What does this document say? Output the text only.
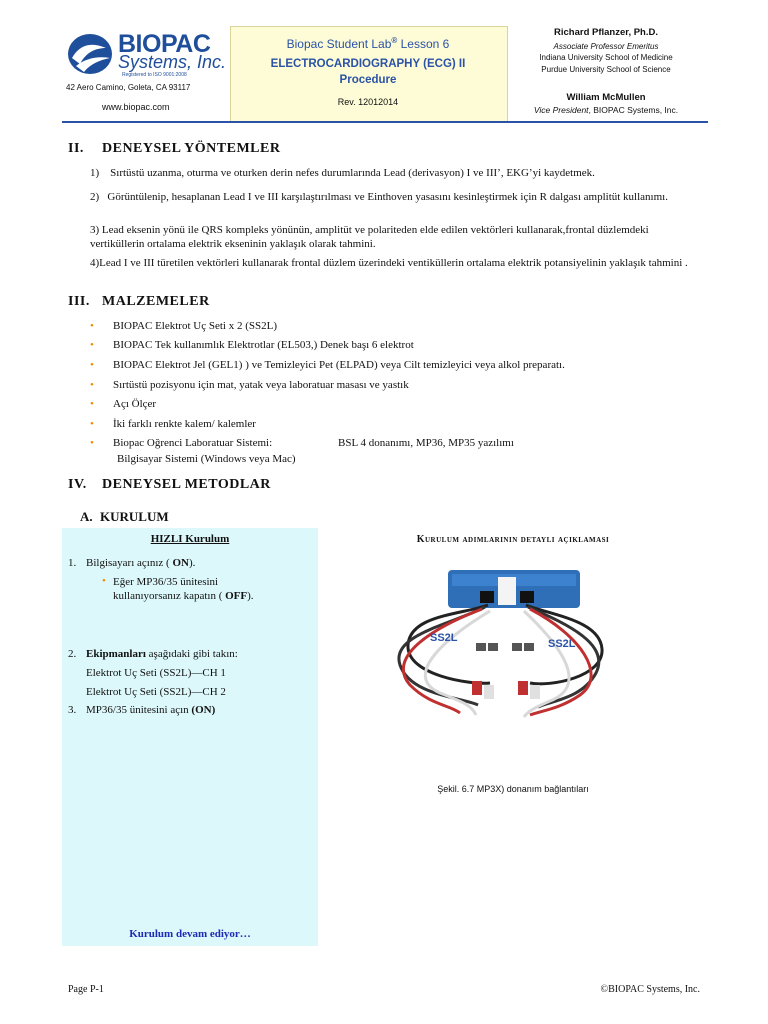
BIOPAC
Systems, Inc.
Registered to ISO 9001:2008
42 Aero Camino, Goleta, CA 93117
www.biopac.com
Biopac Student Lab® Lesson 6
ELECTROCARDIOGRAPHY (ECG) II
Procedure
Rev. 12012014
Richard Pflanzer, Ph.D.
Associate Professor Emeritus
Indiana University School of Medicine
Purdue University School of Science
William McMullen
Vice President, BIOPAC Systems, Inc.
II. DENEYSEL YÖNTEMLER
1)    Sırtüstü uzanma, oturma ve oturken derin nefes durumlarında Lead (derivasyon) I ve III’, EKG’yi kaydetmek.
2)   Görüntülenip, hesaplanan Lead I ve III karşılaştırılması ve Einthoven yasasını kesinleştirmek için R dalgası amplitüt kullanımı.
3) Lead eksenin yönü ile QRS kompleks yönünün, amplitüt ve polariteden elde edilen vektörleri kullanarak,frontal düzlemdeki vertiküllerin ortalama elektrik ekseninin yaklaşık olarak tahmini.
4)Lead I ve III türetilen vektörleri kullanarak frontal düzlem üzerindeki ventiküllerin ortalama elektrik potansiyelinin yaklaşık tahmini .
III. MALZEMELER
• BIOPAC Elektrot Uç Seti x 2 (SS2L)
• BIOPAC Tek kullanımlık Elektrotlar (EL503,) Denek başı 6 elektrot
• BIOPAC Elektrot Jel (GEL1) ) ve Temizleyici Pet (ELPAD) veya Cilt temizleyici veya alkol preparatı.
• Sırtüstü pozisyonu için mat, yatak veya laboratuar masası ve yastık
• Açı Ölçer
• İki farklı renkte kalem/ kalemler
• Biopac Oğrenci Laboratuar Sistemi:	BSL 4 donanımı, MP36, MP35 yazılımı
Bilgisayar Sistemi (Windows veya Mac)
IV. DENEYSEL METODLAR
A. KURULUM
HIZLI Kurulum
1. Bilgisayarı açınız ( ON).
• Eğer MP36/35 ünitesini
kullanıyorsanız kapatın ( OFF).
2. Ekipmanları aşağıdaki gibi takın:
Elektrot Uç Seti (SS2L)—CH 1
Elektrot Uç Seti (SS2L)—CH 2
3. MP36/35 ünitesini açın (ON)
Kurulum devam ediyor…
Kurulum adimlarinin detayli açiklamasi
SS2L	SS2L
Şekil. 6.7 MP3X) donanım bağlantıları
Page P-1	©BIOPAC Systems, Inc.
